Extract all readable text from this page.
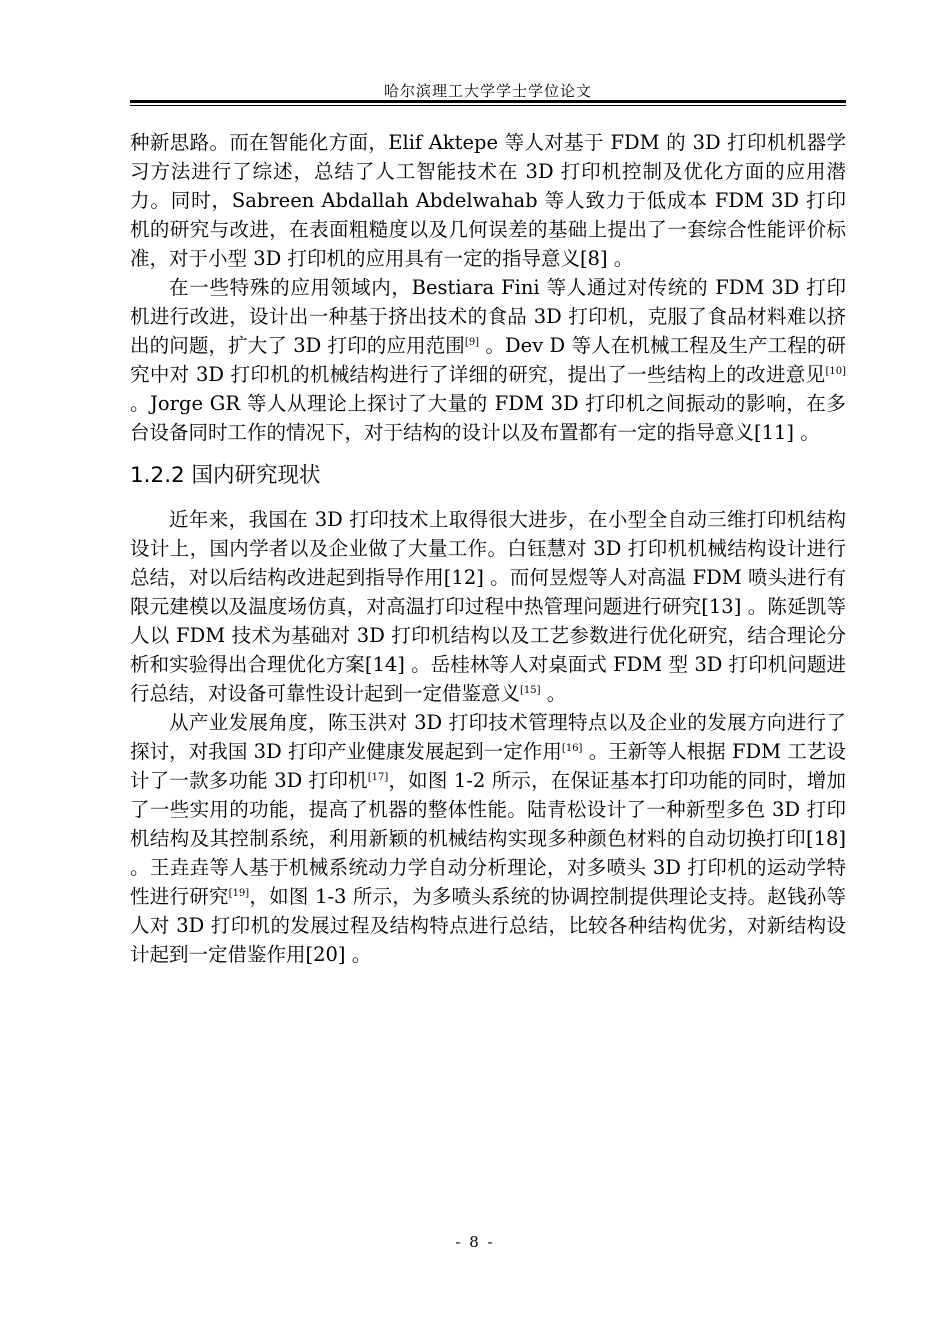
哈尔滨理工大学学士学位论文

种新思路。而在智能化方面，Elif Aktepe 等人对基于 FDM 的 3D 打印机机器学习方法进行了综述，总结了人工智能技术在 3D 打印机控制及优化方面的应用潜力。同时，Sabreen Abdallah Abdelwahab 等人致力于低成本 FDM 3D 打印机的研究与改进，在表面粗糙度以及几何误差的基础上提出了一套综合性能评价标准，对于小型 3D 打印机的应用具有一定的指导意义[8] 。

在一些特殊的应用领域内，Bestiara Fini 等人通过对传统的 FDM 3D 打印机进行改进，设计出一种基于挤出技术的食品 3D 打印机，克服了食品材料难以挤出的问题，扩大了 3D 打印的应用范围[9] 。Dev D 等人在机械工程及生产工程的研究中对 3D 打印机的机械结构进行了详细的研究，提出了一些结构上的改进意见[10] 。Jorge GR 等人从理论上探讨了大量的 FDM 3D 打印机之间振动的影响，在多台设备同时工作的情况下，对于结构的设计以及布置都有一定的指导意义[11] 。

1.2.2 国内研究现状

近年来，我国在 3D 打印技术上取得很大进步，在小型全自动三维打印机结构设计上，国内学者以及企业做了大量工作。白钰慧对 3D 打印机机械结构设计进行总结，对以后结构改进起到指导作用[12] 。而何昱煜等人对高温 FDM 喷头进行有限元建模以及温度场仿真，对高温打印过程中热管理问题进行研究[13] 。陈延凯等人以 FDM 技术为基础对 3D 打印机结构以及工艺参数进行优化研究，结合理论分析和实验得出合理优化方案[14] 。岳桂林等人对桌面式 FDM 型 3D 打印机问题进行总结，对设备可靠性设计起到一定借鉴意义[15] 。

从产业发展角度，陈玉洪对 3D 打印技术管理特点以及企业的发展方向进行了探讨，对我国 3D 打印产业健康发展起到一定作用[16] 。王新等人根据 FDM 工艺设计了一款多功能 3D 打印机[17]，如图 1-2 所示，在保证基本打印功能的同时，增加了一些实用的功能，提高了机器的整体性能。陆青松设计了一种新型多色 3D 打印机结构及其控制系统，利用新颖的机械结构实现多种颜色材料的自动切换打印[18] 。王垚垚等人基于机械系统动力学自动分析理论，对多喷头 3D 打印机的运动学特性进行研究[19]，如图 1-3 所示，为多喷头系统的协调控制提供理论支持。赵钱孙等人对 3D 打印机的发展过程及结构特点进行总结，比较各种结构优劣，对新结构设计起到一定借鉴作用[20] 。

- 8 -
